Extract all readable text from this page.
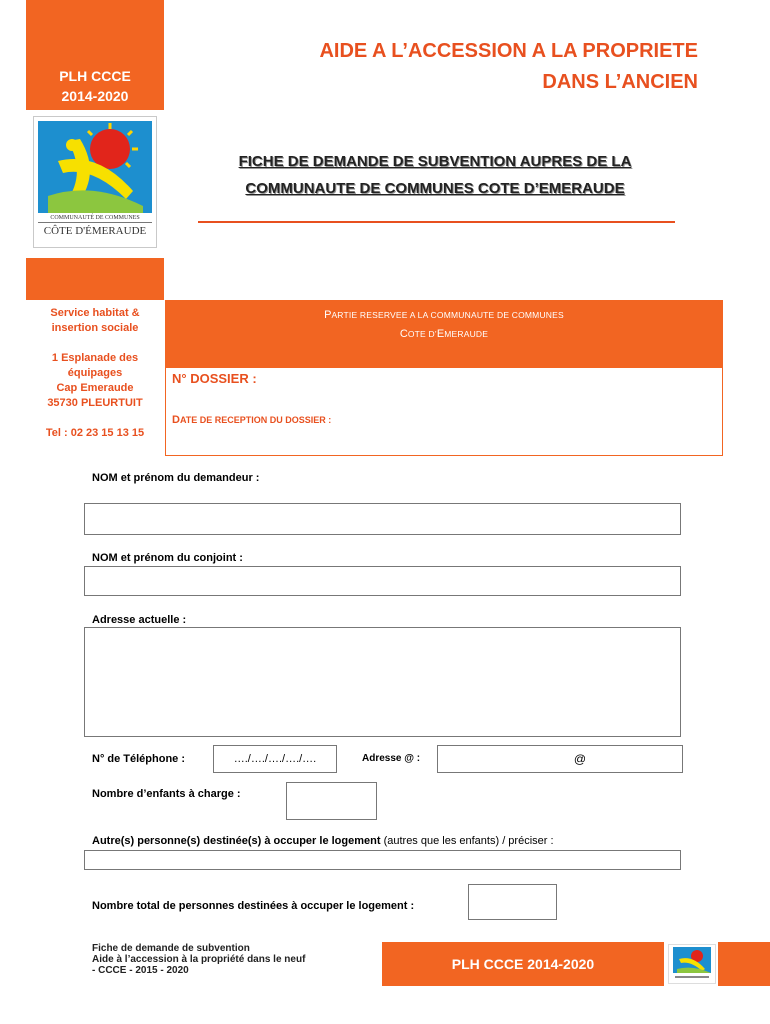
PLH CCCE
2014-2020
COMMUNAUTÉ DE COMMUNES
CÔTE D'ÉMERAUDE
AIDE A L’ACCESSION A LA PROPRIETE
DANS L’ANCIEN
FICHE DE DEMANDE DE SUBVENTION AUPRES DE LA
COMMUNAUTE DE COMMUNES COTE D’EMERAUDE
Service habitat &
insertion sociale
1 Esplanade des
équipages
Cap Emeraude
35730 PLEURTUIT
Tel : 02 23 15 13 15
PARTIE RESERVEE A LA COMMUNAUTE DE COMMUNES
COTE D’EMERAUDE
N° DOSSIER :
DATE DE RECEPTION DU DOSSIER :
NOM et prénom du demandeur :
NOM et prénom du conjoint :
Adresse actuelle :
N° de Téléphone :	…./…./…./…./….	Adresse @ :	@
Nombre d’enfants à charge :
Autre(s) personne(s) destinée(s) à occuper le logement (autres que les enfants) / préciser :
Nombre total de personnes destinées à occuper le logement :
Fiche de demande de subvention
Aide à l’accession à la propriété dans le neuf
- CCCE - 2015 - 2020	PLH CCCE 2014-2020
